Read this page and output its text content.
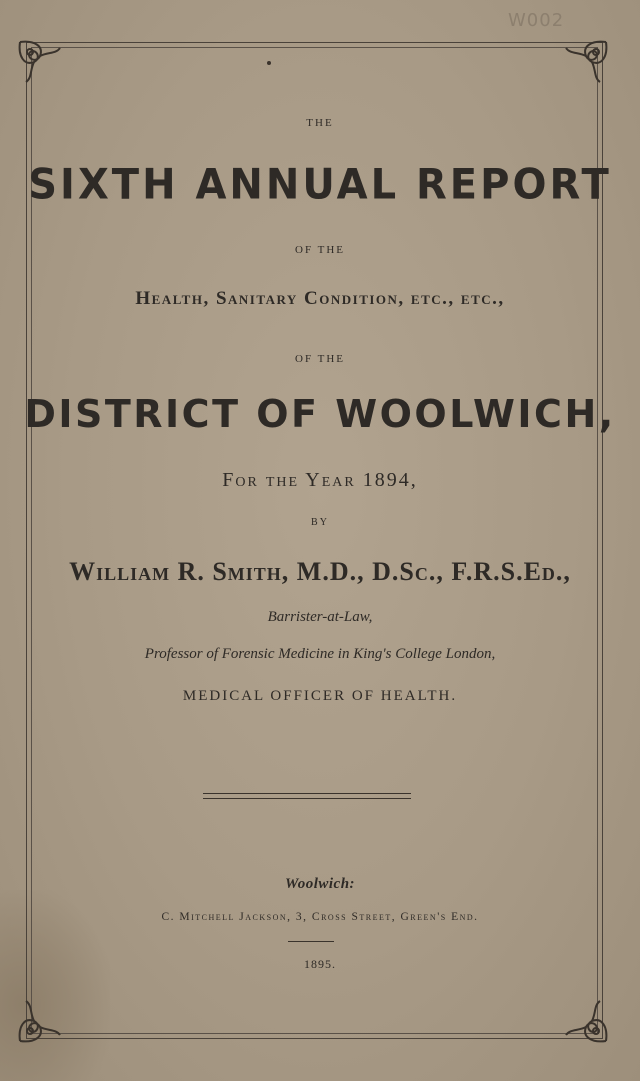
W002
THE
SIXTH ANNUAL REPORT
OF THE
Health, Sanitary Condition, etc., etc.,
OF THE
DISTRICT OF WOOLWICH,
For the Year 1894,
BY
William R. Smith, M.D., D.Sc., F.R.S.Ed.,
Barrister-at-Law,
Professor of Forensic Medicine in King's College London,
MEDICAL OFFICER OF HEALTH.
Woolwich:
C. Mitchell Jackson, 3, Cross Street, Green's End.
1895.
